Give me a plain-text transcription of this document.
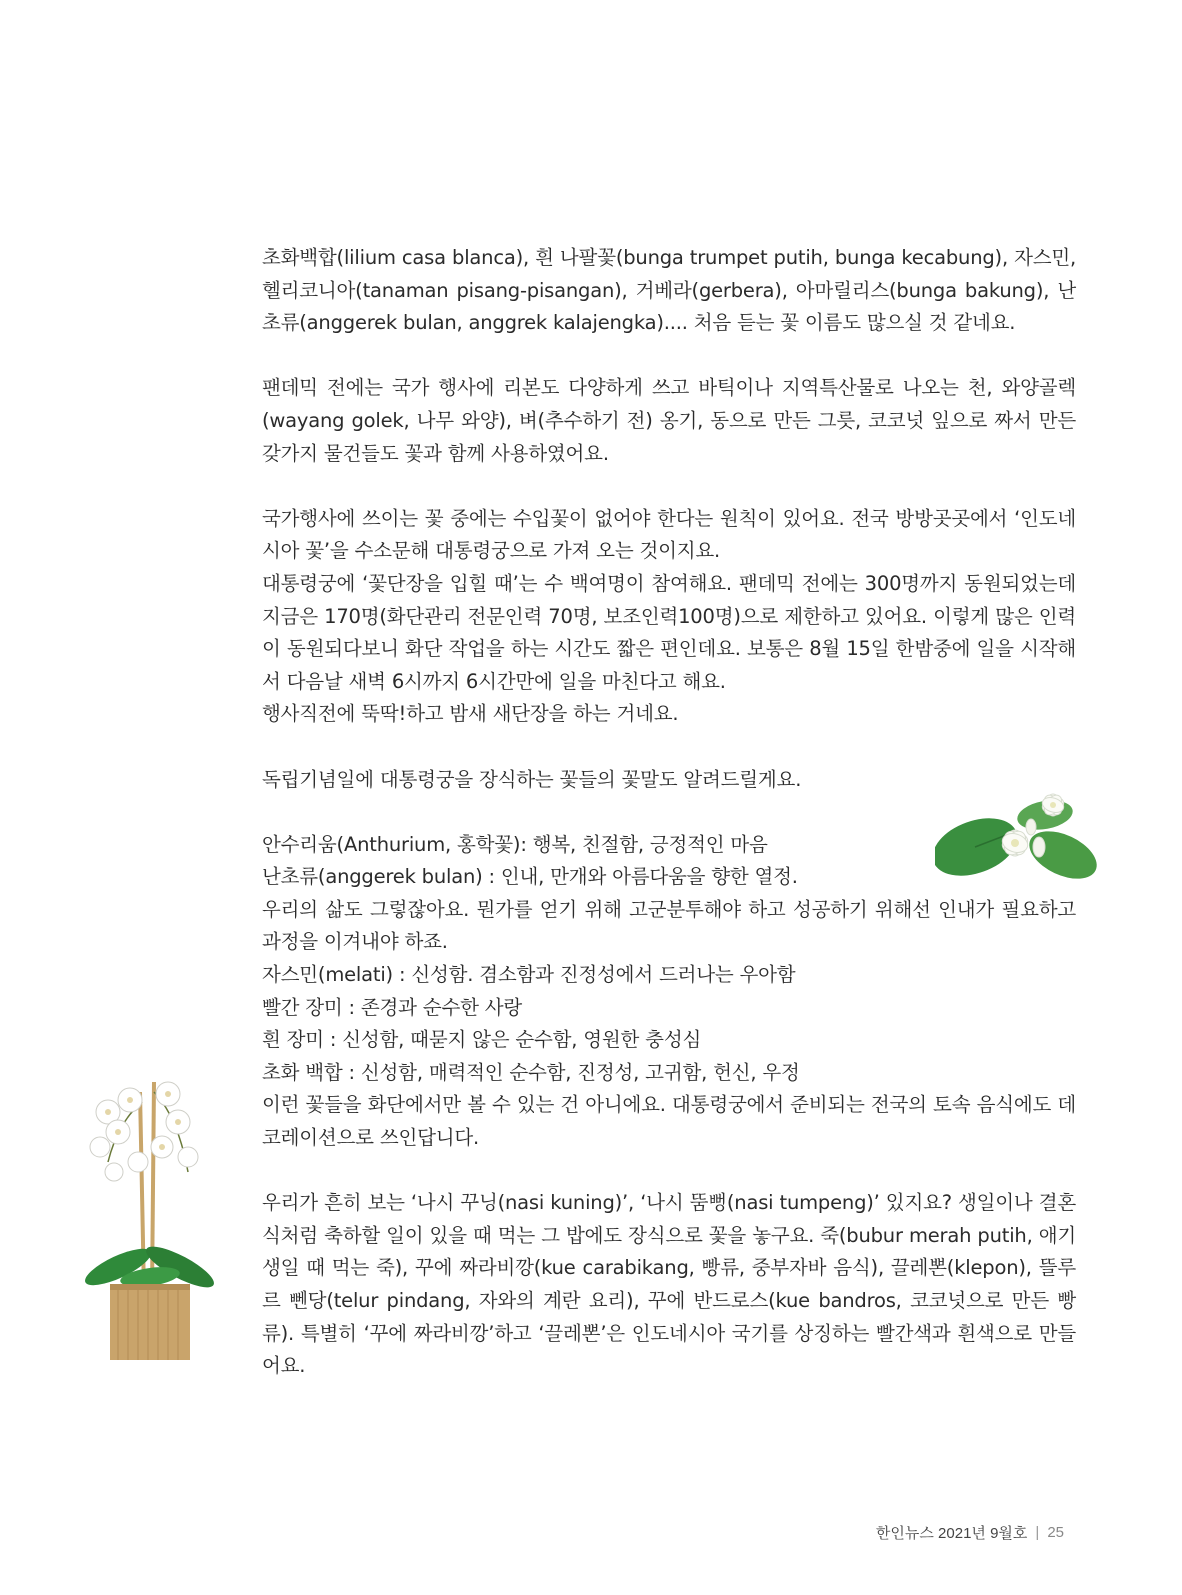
초화백합(lilium casa blanca), 흰 나팔꽃(bunga trumpet putih, bunga kecabung), 자스민, 헬리코니아(tanaman pisang-pisangan), 거베라(gerbera), 아마릴리스(bunga bakung), 난초류(anggerek bulan, anggrek kalajengka).... 처음 듣는 꽃 이름도 많으실 것 같네요.

팬데믹 전에는 국가 행사에 리본도 다양하게 쓰고 바틱이나 지역특산물로 나오는 천, 와양골렉(wayang golek, 나무 와양), 벼(추수하기 전) 옹기, 동으로 만든 그릇, 코코넛 잎으로 짜서 만든 갖가지 물건들도 꽃과 함께 사용하였어요.

국가행사에 쓰이는 꽃 중에는 수입꽃이 없어야 한다는 원칙이 있어요. 전국 방방곳곳에서 ‘인도네시아 꽃’을 수소문해 대통령궁으로 가져 오는 것이지요.

대통령궁에 ‘꽃단장을 입힐 때’는 수 백여명이 참여해요. 팬데믹 전에는 300명까지 동원되었는데 지금은 170명(화단관리 전문인력 70명, 보조인력100명)으로 제한하고 있어요. 이렇게 많은 인력이 동원되다보니 화단 작업을 하는 시간도 짧은 편인데요. 보통은 8월 15일 한밤중에 일을 시작해서 다음날 새벽 6시까지 6시간만에 일을 마친다고 해요.

행사직전에 뚝딱!하고 밤새 새단장을 하는 거네요.

독립기념일에 대통령궁을 장식하는 꽃들의 꽃말도 알려드릴게요.

안수리움(Anthurium, 홍학꽃): 행복, 친절함, 긍정적인 마음

난초류(anggerek bulan) : 인내, 만개와 아름다움을 향한 열정.

우리의 삶도 그렇잖아요. 뭔가를 얻기 위해 고군분투해야 하고 성공하기 위해선 인내가 필요하고 과정을 이겨내야 하죠.

자스민(melati) : 신성함. 겸소함과 진정성에서 드러나는 우아함

빨간 장미 : 존경과 순수한 사랑

흰 장미 : 신성함, 때묻지 않은 순수함, 영원한 충성심

초화 백합 : 신성함, 매력적인 순수함, 진정성, 고귀함, 헌신, 우정

이런 꽃들을 화단에서만 볼 수 있는 건 아니에요. 대통령궁에서 준비되는 전국의 토속 음식에도 데코레이션으로 쓰인답니다.

우리가 흔히 보는 ‘나시 꾸닝(nasi kuning)’, ‘나시 뚬뻥(nasi tumpeng)’ 있지요? 생일이나 결혼식처럼 축하할 일이 있을 때 먹는 그 밥에도 장식으로 꽃을 놓구요. 죽(bubur merah putih, 애기 생일 때 먹는 죽), 꾸에 짜라비깡(kue carabikang, 빵류, 중부자바 음식), 끌레뽄(klepon), 뜰루르 뻰당(telur pindang, 자와의 계란 요리), 꾸에 반드로스(kue bandros, 코코넛으로 만든 빵류). 특별히 ‘꾸에 짜라비깡’하고 ‘끌레뽄’은 인도네시아 국기를 상징하는 빨간색과 흰색으로 만들어요.

한인뉴스 2021년 9월호 | 25
